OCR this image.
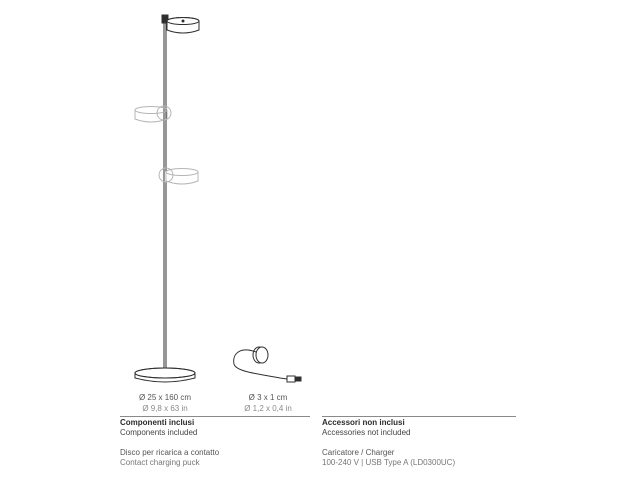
Ø 25 x 160 cm
Ø 9,8 x 63 in
Ø 3 x 1 cm
Ø 1,2 x 0,4 in
Componenti inclusi
Components included
Disco per ricarica a contatto
Contact charging puck
Accessori non inclusi
Accessories not included
Caricatore / Charger
100-240 V | USB Type A (LD0300UC)
